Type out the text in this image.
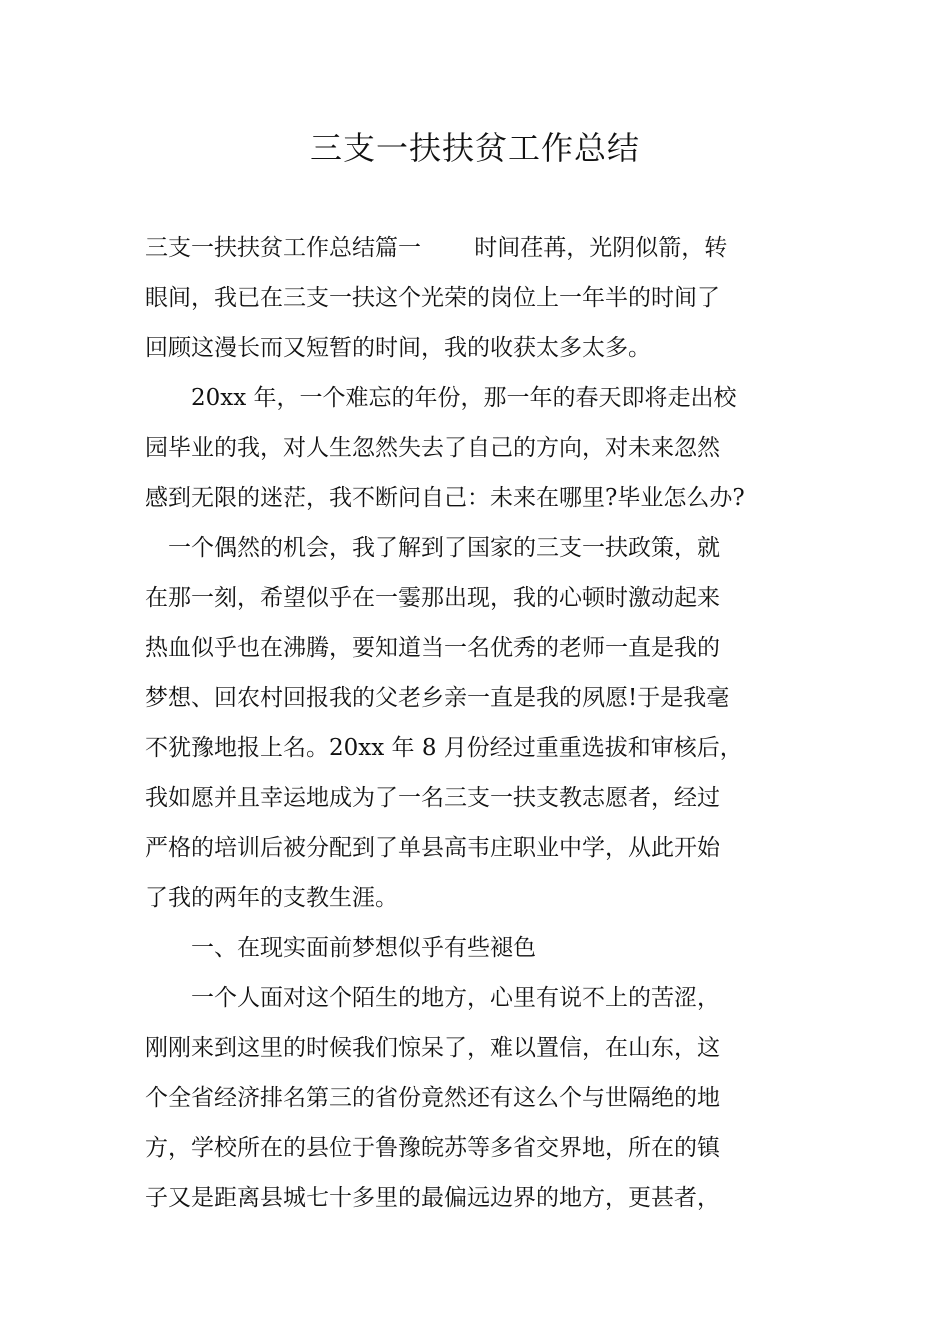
三支一扶扶贫工作总结
三支一扶扶贫工作总结篇一　　 时间荏苒，光阴似箭，转
眼间，我已在三支一扶这个光荣的岗位上一年半的时间了
回顾这漫长而又短暂的时间，我的收获太多太多。
　　20xx 年，一个难忘的年份，那一年的春天即将走出校
园毕业的我，对人生忽然失去了自己的方向，对未来忽然
感到无限的迷茫，我不断问自己：未来在哪里?毕业怎么办?
　一个偶然的机会，我了解到了国家的三支一扶政策，就
在那一刻，希望似乎在一霎那出现，我的心顿时激动起来
热血似乎也在沸腾，要知道当一名优秀的老师一直是我的
梦想、回农村回报我的父老乡亲一直是我的夙愿!于是我毫
不犹豫地报上名。20xx 年 8 月份经过重重选拔和审核后，
我如愿并且幸运地成为了一名三支一扶支教志愿者，经过
严格的培训后被分配到了单县高韦庄职业中学，从此开始
了我的两年的支教生涯。
　　一、在现实面前梦想似乎有些褪色
　　一个人面对这个陌生的地方，心里有说不上的苦涩，
刚刚来到这里的时候我们惊呆了，难以置信，在山东，这
个全省经济排名第三的省份竟然还有这么个与世隔绝的地
方，学校所在的县位于鲁豫皖苏等多省交界地，所在的镇
子又是距离县城七十多里的最偏远边界的地方，更甚者，
